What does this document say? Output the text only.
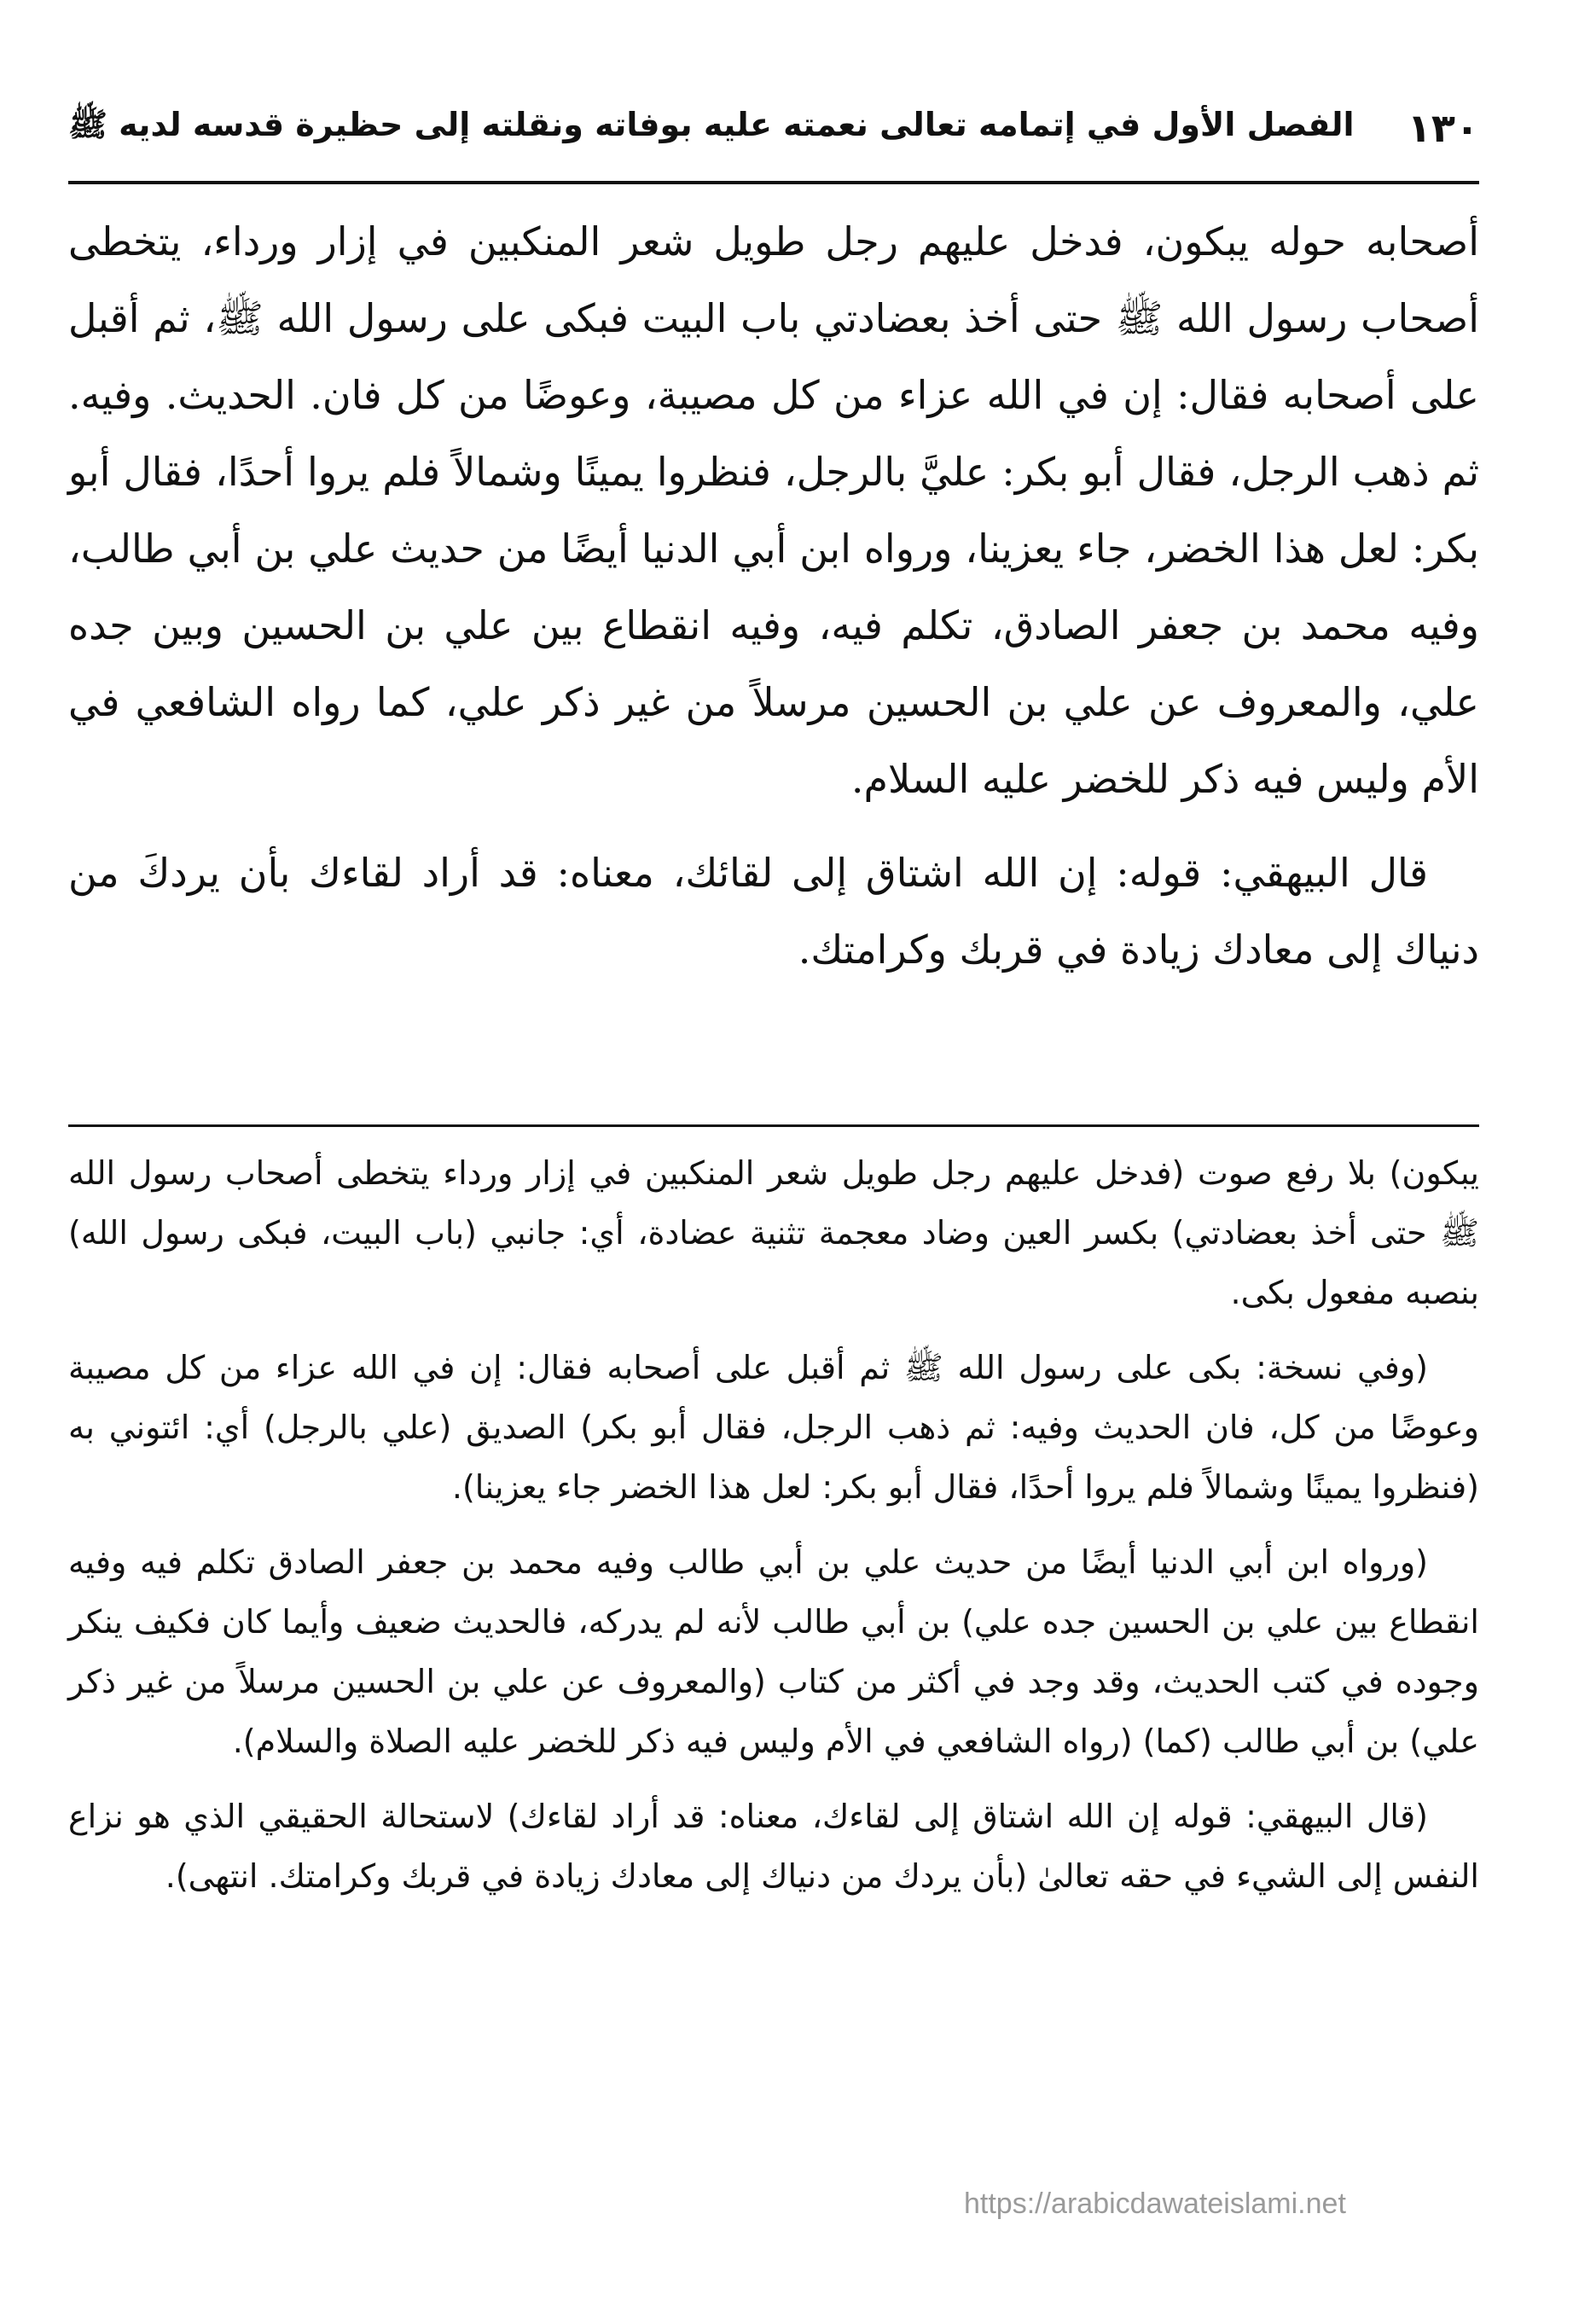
١٣٠
الفصل الأول في إتمامه تعالى نعمته عليه بوفاته ونقلته إلى حظيرة قدسه لديه ﷺ

أصحابه حوله يبكون، فدخل عليهم رجل طويل شعر المنكبين في إزار ورداء، يتخطى أصحاب رسول الله ﷺ حتى أخذ بعضادتي باب البيت فبكى على رسول الله ﷺ، ثم أقبل على أصحابه فقال: إن في الله عزاء من كل مصيبة، وعوضًا من كل فان. الحديث. وفيه. ثم ذهب الرجل، فقال أبو بكر: عليَّ بالرجل، فنظروا يمينًا وشمالاً فلم يروا أحدًا، فقال أبو بكر: لعل هذا الخضر، جاء يعزينا، ورواه ابن أبي الدنيا أيضًا من حديث علي بن أبي طالب، وفيه محمد بن جعفر الصادق، تكلم فيه، وفيه انقطاع بين علي بن الحسين وبين جده علي، والمعروف عن علي بن الحسين مرسلاً من غير ذكر علي، كما رواه الشافعي في الأم وليس فيه ذكر للخضر عليه السلام.

قال البيهقي: قوله: إن الله اشتاق إلى لقائك، معناه: قد أراد لقاءك بأن يردكَ من دنياك إلى معادك زيادة في قربك وكرامتك.

يبكون) بلا رفع صوت (فدخل عليهم رجل طويل شعر المنكبين في إزار ورداء يتخطى أصحاب رسول الله ﷺ حتى أخذ بعضادتي) بكسر العين وضاد معجمة تثنية عضادة، أي: جانبي (باب البيت، فبكى رسول الله) بنصبه مفعول بكى.

(وفي نسخة: بكى على رسول الله ﷺ ثم أقبل على أصحابه فقال: إن في الله عزاء من كل مصيبة وعوضًا من كل، فان الحديث وفيه: ثم ذهب الرجل، فقال أبو بكر) الصديق (علي بالرجل) أي: ائتوني به (فنظروا يمينًا وشمالاً فلم يروا أحدًا، فقال أبو بكر: لعل هذا الخضر جاء يعزينا).

(ورواه ابن أبي الدنيا أيضًا من حديث علي بن أبي طالب وفيه محمد بن جعفر الصادق تكلم فيه وفيه انقطاع بين علي بن الحسين جده علي) بن أبي طالب لأنه لم يدركه، فالحديث ضعيف وأيما كان فكيف ينكر وجوده في كتب الحديث، وقد وجد في أكثر من كتاب (والمعروف عن علي بن الحسين مرسلاً من غير ذكر علي) بن أبي طالب (كما) (رواه الشافعي في الأم وليس فيه ذكر للخضر عليه الصلاة والسلام).

(قال البيهقي: قوله إن الله اشتاق إلى لقاءك، معناه: قد أراد لقاءك) لاستحالة الحقيقي الذي هو نزاع النفس إلى الشيء في حقه تعالىٰ (بأن يردك من دنياك إلى معادك زيادة في قربك وكرامتك. انتهى).

https://arabicdawateislami.net
